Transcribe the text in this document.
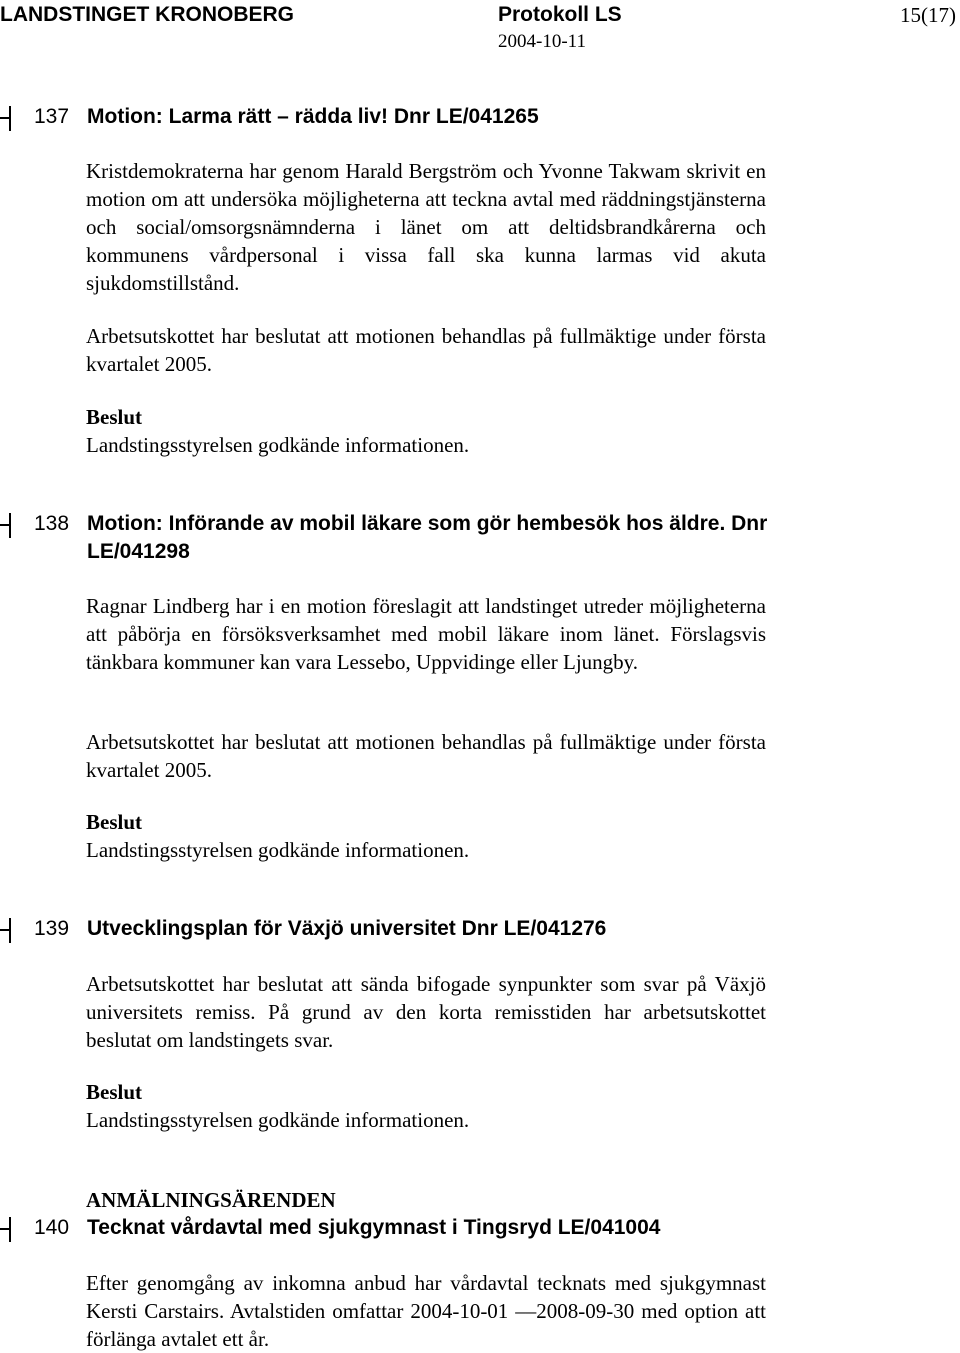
LANDSTINGET KRONOBERG	Protokoll LS	15(17)
2004-10-11
137 Motion: Larma rätt – rädda liv! Dnr LE/041265
Kristdemokraterna har genom Harald Bergström och Yvonne Takwam skrivit en motion om att undersöka möjligheterna att teckna avtal med räddningstjänsterna och social/omsorgsnämnderna i länet om att deltidsbrandkårerna och kommunens vårdpersonal i vissa fall ska kunna larmas vid akuta sjukdomstillstånd.
Arbetsutskottet har beslutat att motionen behandlas på fullmäktige under första kvartalet 2005.
Beslut
Landstingsstyrelsen godkände informationen.
138 Motion: Införande av mobil läkare som gör hembesök hos äldre. Dnr LE/041298
Ragnar Lindberg har i en motion föreslagit att landstinget utreder möjligheterna att påbörja en försöksverksamhet med mobil läkare inom länet. Förslagsvis tänkbara kommuner kan vara Lessebo, Uppvidinge eller Ljungby.
Arbetsutskottet har beslutat att motionen behandlas på fullmäktige under första kvartalet 2005.
Beslut
Landstingsstyrelsen godkände informationen.
139 Utvecklingsplan för Växjö universitet Dnr LE/041276
Arbetsutskottet har beslutat att sända bifogade synpunkter som svar på Växjö universitets remiss. På grund av den korta remisstiden har arbetsutskottet beslutat om landstingets svar.
Beslut
Landstingsstyrelsen godkände informationen.
ANMÄLNINGSÄRENDEN
140 Tecknat vårdavtal med sjukgymnast i Tingsryd LE/041004
Efter genomgång av inkomna anbud har vårdavtal tecknats med sjukgymnast Kersti Carstairs. Avtalstiden omfattar 2004-10-01 ––2008-09-30 med option att förlänga avtalet ett år.
